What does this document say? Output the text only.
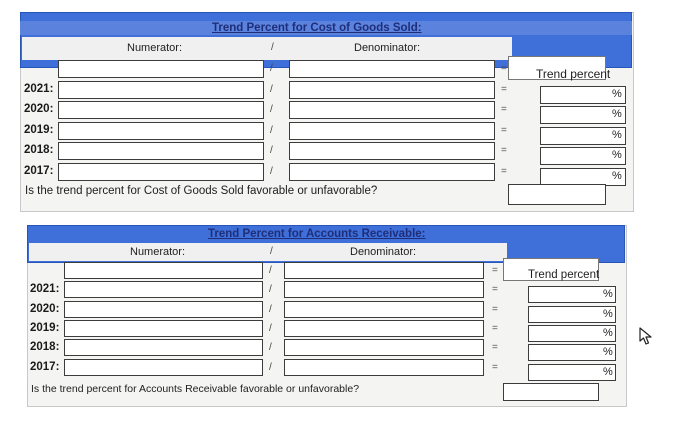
Trend Percent for Cost of Goods Sold:
Numerator:	/	Denominator:
/	=
2021:	/	=	%
2020:	/	=	%
2019:	/	=	%
2018:	/	=	%
2017:	/	=	%
Trend percent
Is the trend percent for Cost of Goods Sold favorable or unfavorable?
Trend Percent for Accounts Receivable:
Numerator:	/	Denominator:
/	=
2021:	/	=	%
2020:	/	=	%
2019:	/	=	%
2018:	/	=	%
2017:	/	=	%
Trend percent
Is the trend percent for Accounts Receivable favorable or unfavorable?
